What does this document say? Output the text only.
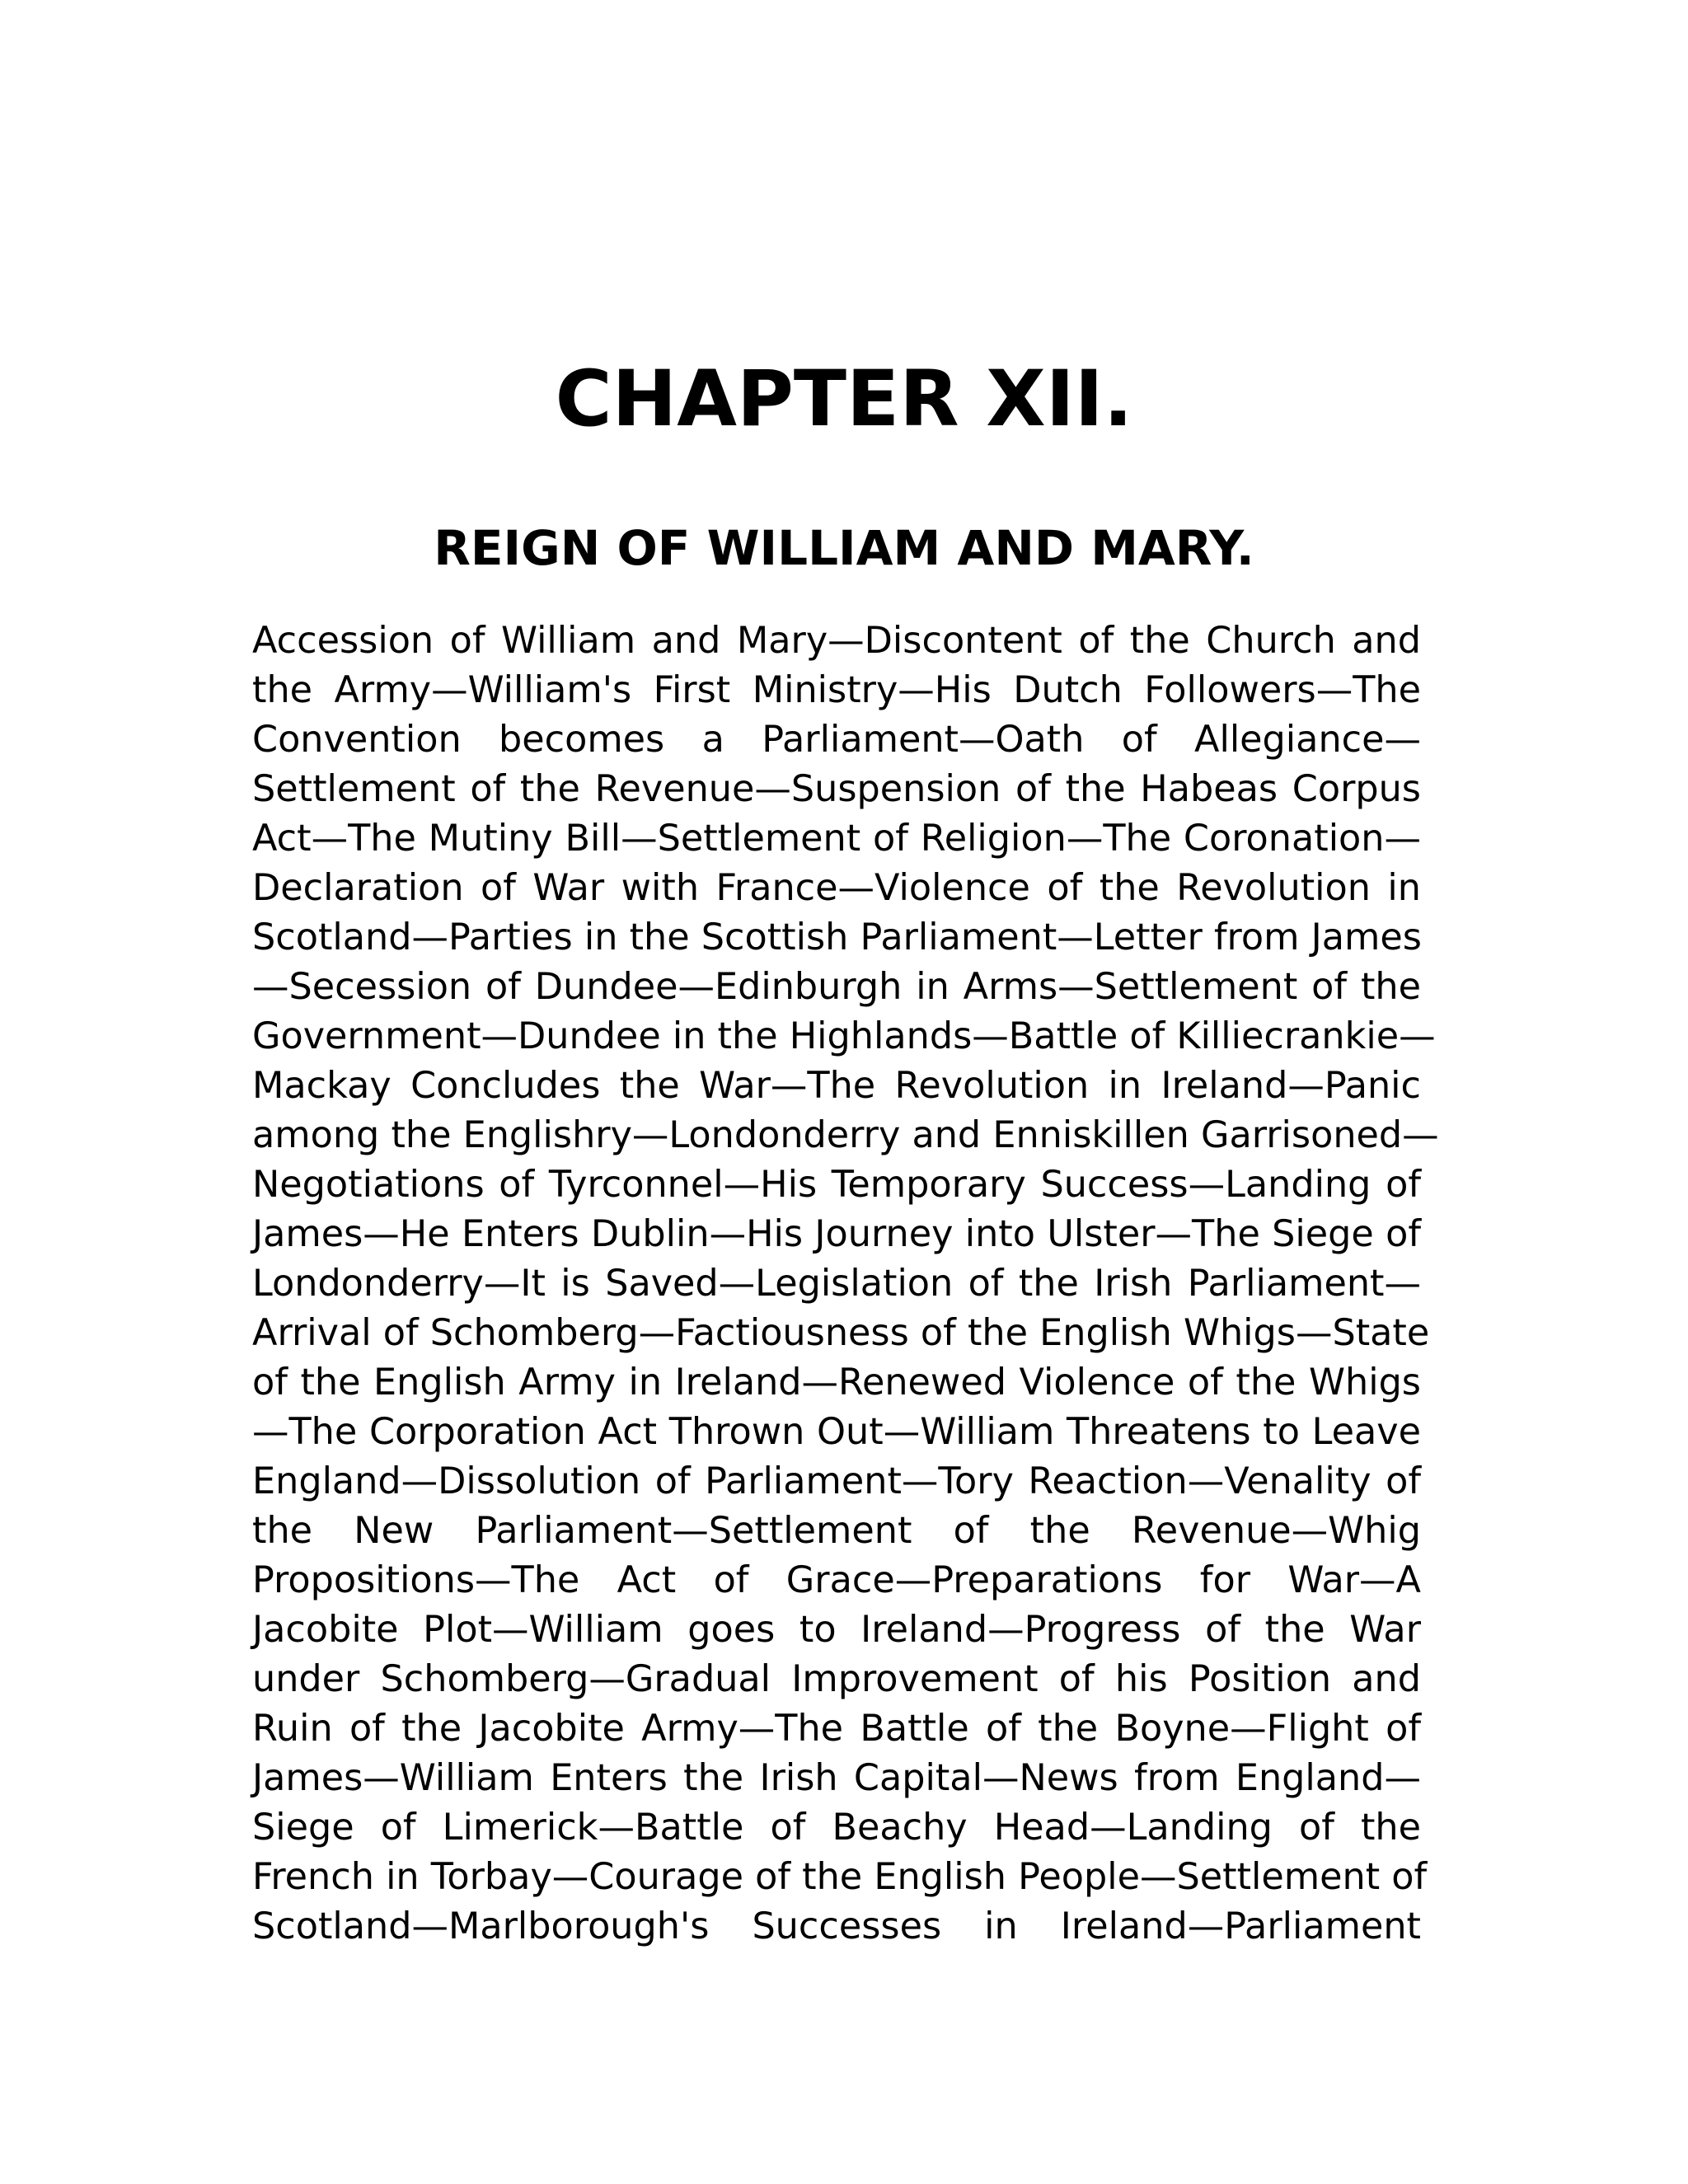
CHAPTER XII.
REIGN OF WILLIAM AND MARY.
Accession of William and Mary—Discontent of the Church and
the Army—William's First Ministry—His Dutch Followers—The
Convention becomes a Parliament—Oath of Allegiance—
Settlement of the Revenue—Suspension of the Habeas Corpus
Act—The Mutiny Bill—Settlement of Religion—The Coronation—
Declaration of War with France—Violence of the Revolution in
Scotland—Parties in the Scottish Parliament—Letter from James
—Secession of Dundee—Edinburgh in Arms—Settlement of the
Government—Dundee in the Highlands—Battle of Killiecrankie—
Mackay Concludes the War—The Revolution in Ireland—Panic
among the Englishry—Londonderry and Enniskillen Garrisoned—
Negotiations of Tyrconnel—His Temporary Success—Landing of
James—He Enters Dublin—His Journey into Ulster—The Siege of
Londonderry—It is Saved—Legislation of the Irish Parliament—
Arrival of Schomberg—Factiousness of the English Whigs—State
of the English Army in Ireland—Renewed Violence of the Whigs
—The Corporation Act Thrown Out—William Threatens to Leave
England—Dissolution of Parliament—Tory Reaction—Venality of
the New Parliament—Settlement of the Revenue—Whig
Propositions—The Act of Grace—Preparations for War—A
Jacobite Plot—William goes to Ireland—Progress of the War
under Schomberg—Gradual Improvement of his Position and
Ruin of the Jacobite Army—The Battle of the Boyne—Flight of
James—William Enters the Irish Capital—News from England—
Siege of Limerick—Battle of Beachy Head—Landing of the
French in Torbay—Courage of the English People—Settlement of
Scotland—Marlborough's Successes in Ireland—Parliament
